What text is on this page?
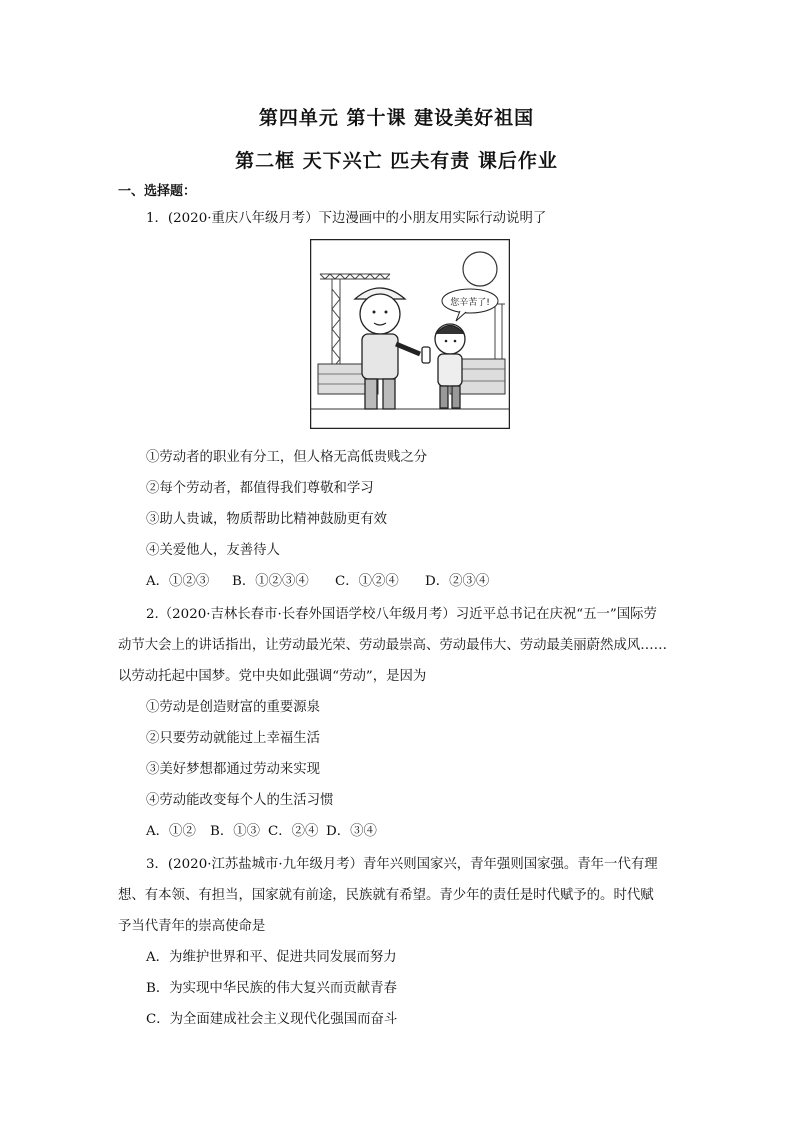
第四单元 第十课 建设美好祖国
第二框 天下兴亡 匹夫有责 课后作业
一、选择题：
1．(2020·重庆八年级月考）下边漫画中的小朋友用实际行动说明了
您辛苦了!
①劳动者的职业有分工，但人格无高低贵贱之分
②每个劳动者，都值得我们尊敬和学习
③助人贵诚，物质帮助比精神鼓励更有效
④关爱他人，友善待人
A．①②③ B．①②③④ C．①②④ D．②③④
2.（2020·吉林长春市·长春外国语学校八年级月考）习近平总书记在庆祝“五一”国际劳
动节大会上的讲话指出，让劳动最光荣、劳动最崇高、劳动最伟大、劳动最美丽蔚然成风……
以劳动托起中国梦。党中央如此强调“劳动”，是因为
①劳动是创造财富的重要源泉
②只要劳动就能过上幸福生活
③美好梦想都通过劳动来实现
④劳动能改变每个人的生活习惯
A．①② B．①③ C．②④ D．③④
3．(2020·江苏盐城市·九年级月考）青年兴则国家兴，青年强则国家强。青年一代有理
想、有本领、有担当，国家就有前途，民族就有希望。青少年的责任是时代赋予的。时代赋
予当代青年的崇高使命是
A．为维护世界和平、促进共同发展而努力
B．为实现中华民族的伟大复兴而贡献青春
C．为全面建成社会主义现代化强国而奋斗
